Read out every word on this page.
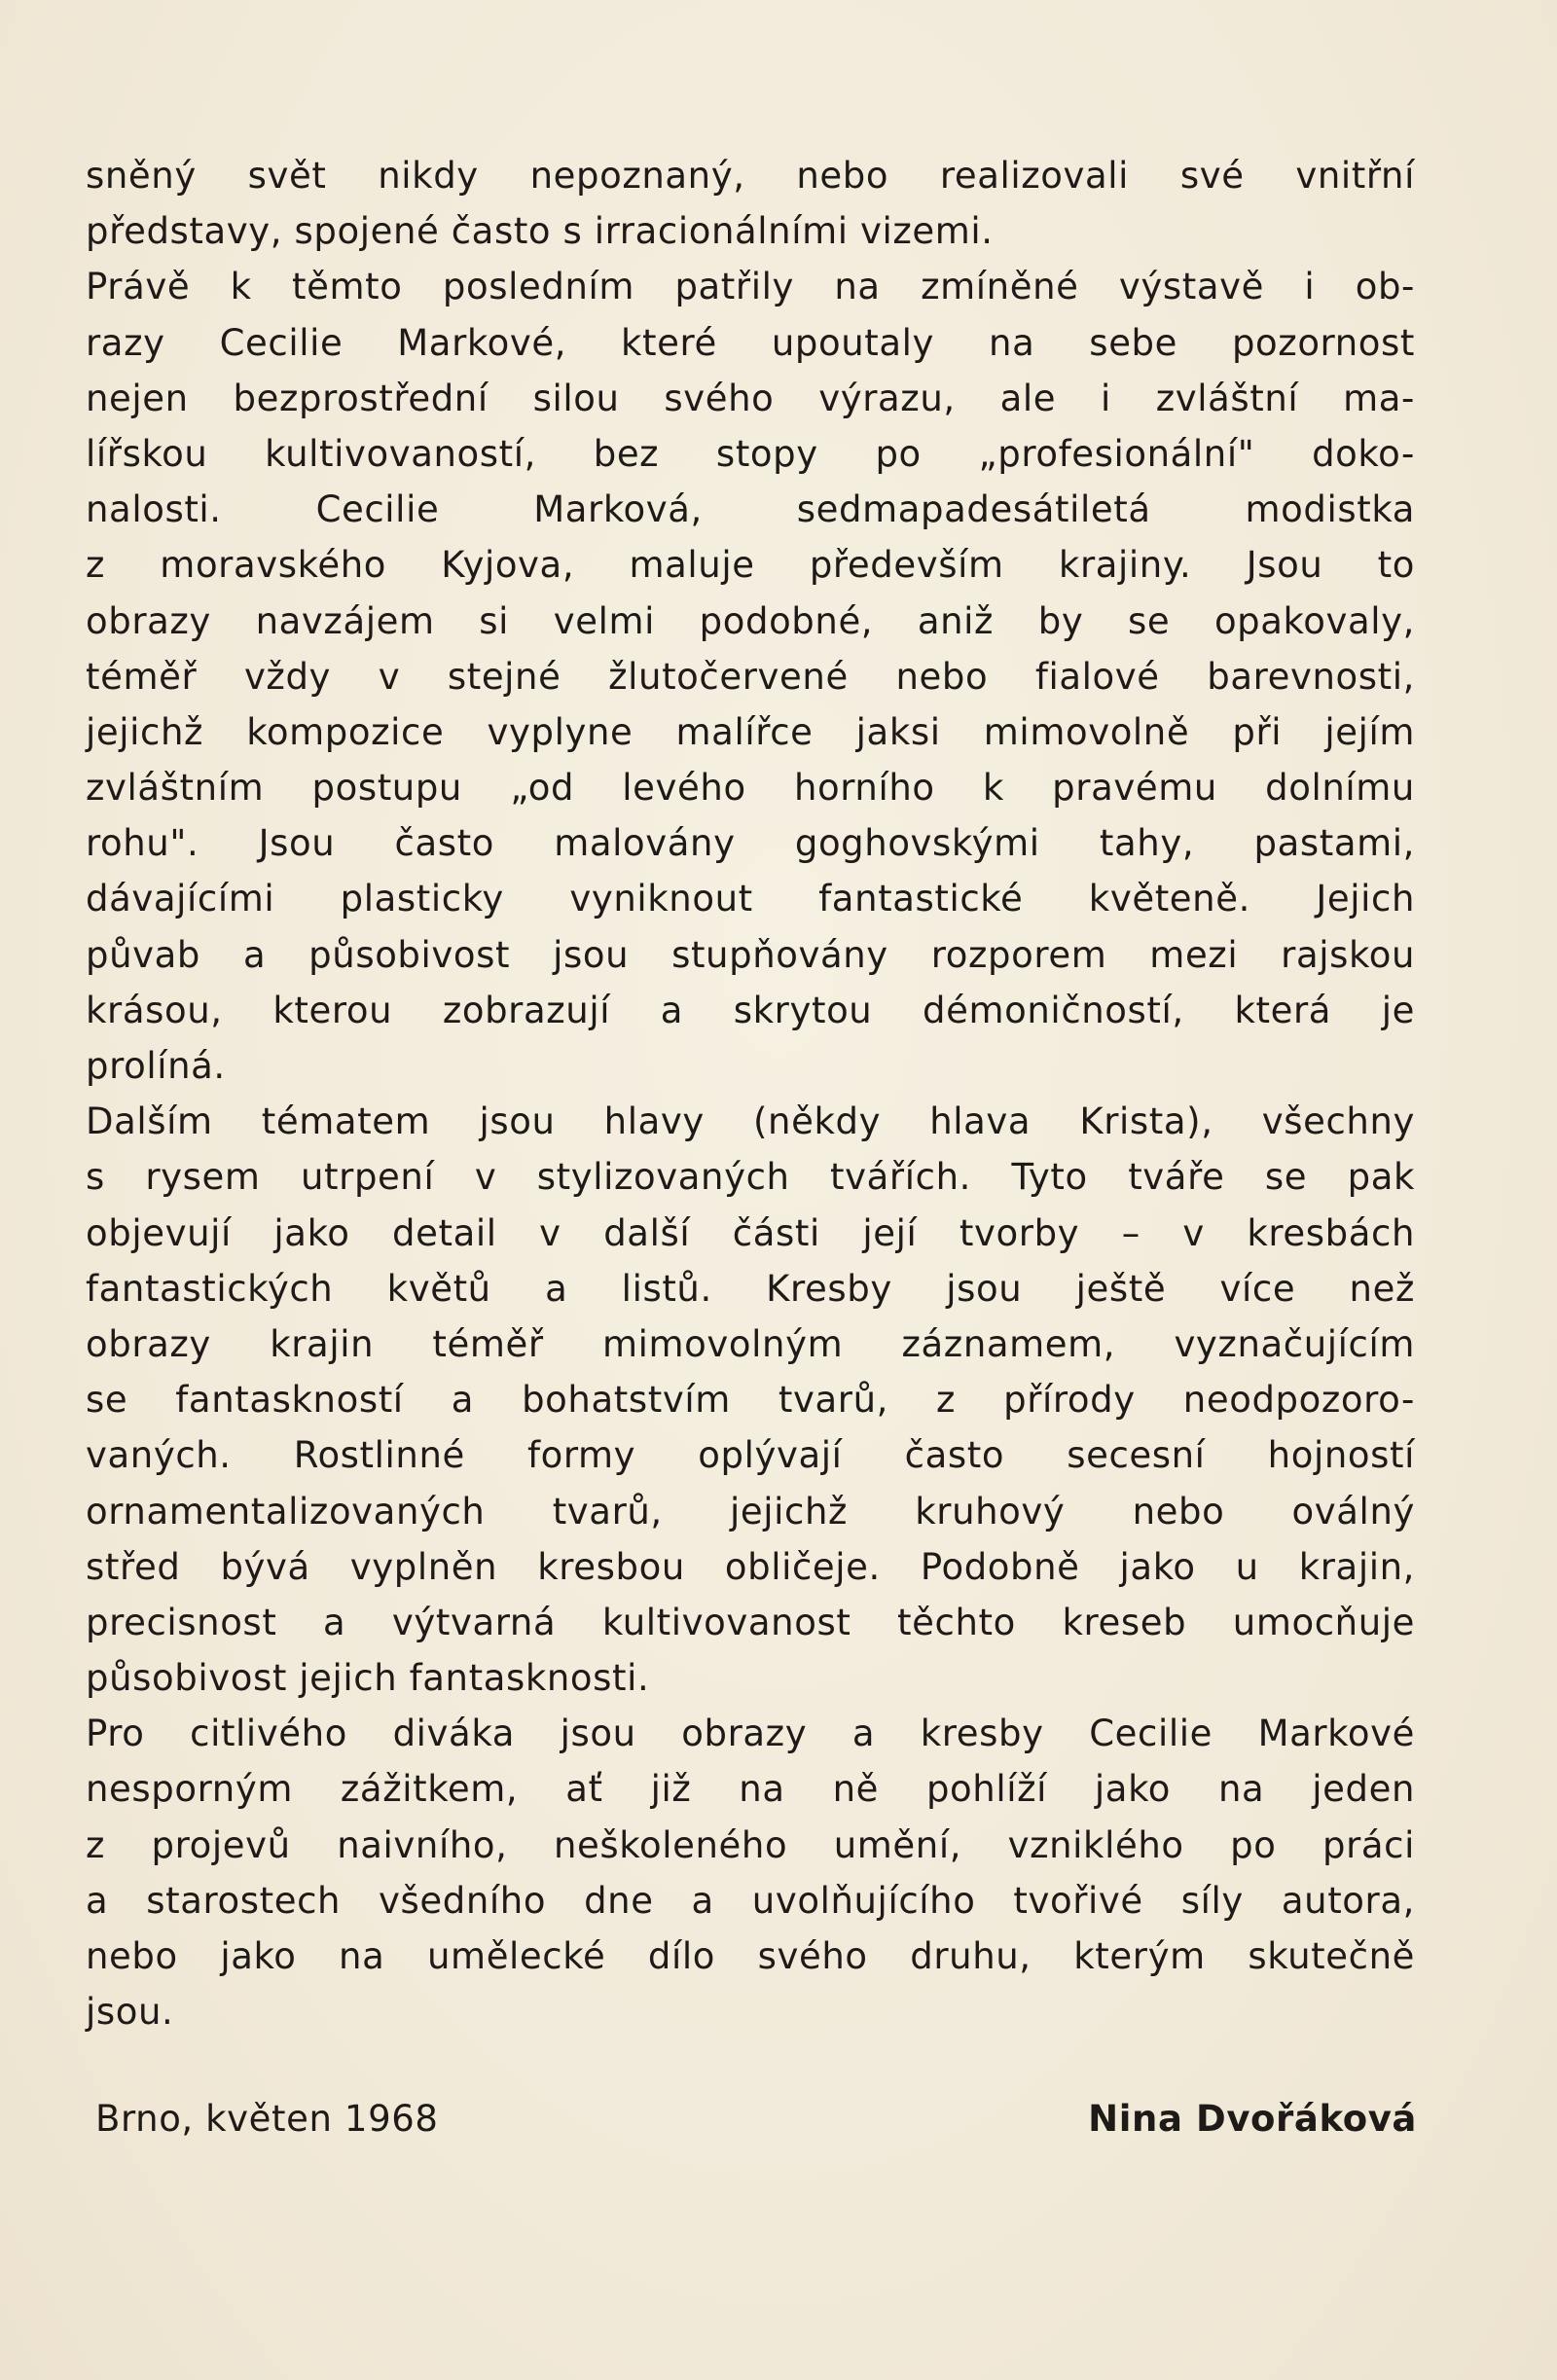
sněný svět nikdy nepoznaný, nebo realizovali své vnitřní
představy, spojené často s irracionálními vizemi.
Právě k těmto posledním patřily na zmíněné výstavě i ob-
razy Cecilie Markové, které upoutaly na sebe pozornost
nejen bezprostřední silou svého výrazu, ale i zvláštní ma-
lířskou kultivovaností, bez stopy po „profesionální" doko-
nalosti. Cecilie Marková, sedmapadesátiletá modistka
z moravského Kyjova, maluje především krajiny. Jsou to
obrazy navzájem si velmi podobné, aniž by se opakovaly,
téměř vždy v stejné žlutočervené nebo fialové barevnosti,
jejichž kompozice vyplyne malířce jaksi mimovolně při jejím
zvláštním postupu „od levého horního k pravému dolnímu
rohu". Jsou často malovány goghovskými tahy, pastami,
dávajícími plasticky vyniknout fantastické květeně. Jejich
půvab a působivost jsou stupňovány rozporem mezi rajskou
krásou, kterou zobrazují a skrytou démoničností, která je
prolíná.
Dalším tématem jsou hlavy (někdy hlava Krista), všechny
s rysem utrpení v stylizovaných tvářích. Tyto tváře se pak
objevují jako detail v další části její tvorby – v kresbách
fantastických květů a listů. Kresby jsou ještě více než
obrazy krajin téměř mimovolným záznamem, vyznačujícím
se fantaskností a bohatstvím tvarů, z přírody neodpozoro-
vaných. Rostlinné formy oplývají často secesní hojností
ornamentalizovaných tvarů, jejichž kruhový nebo oválný
střed bývá vyplněn kresbou obličeje. Podobně jako u krajin,
precisnost a výtvarná kultivovanost těchto kreseb umocňuje
působivost jejich fantasknosti.
Pro citlivého diváka jsou obrazy a kresby Cecilie Markové
nesporným zážitkem, ať již na ně pohlíží jako na jeden
z projevů naivního, neškoleného umění, vzniklého po práci
a starostech všedního dne a uvolňujícího tvořivé síly autora,
nebo jako na umělecké dílo svého druhu, kterým skutečně
jsou.
Brno, květen 1968	Nina Dvořáková
